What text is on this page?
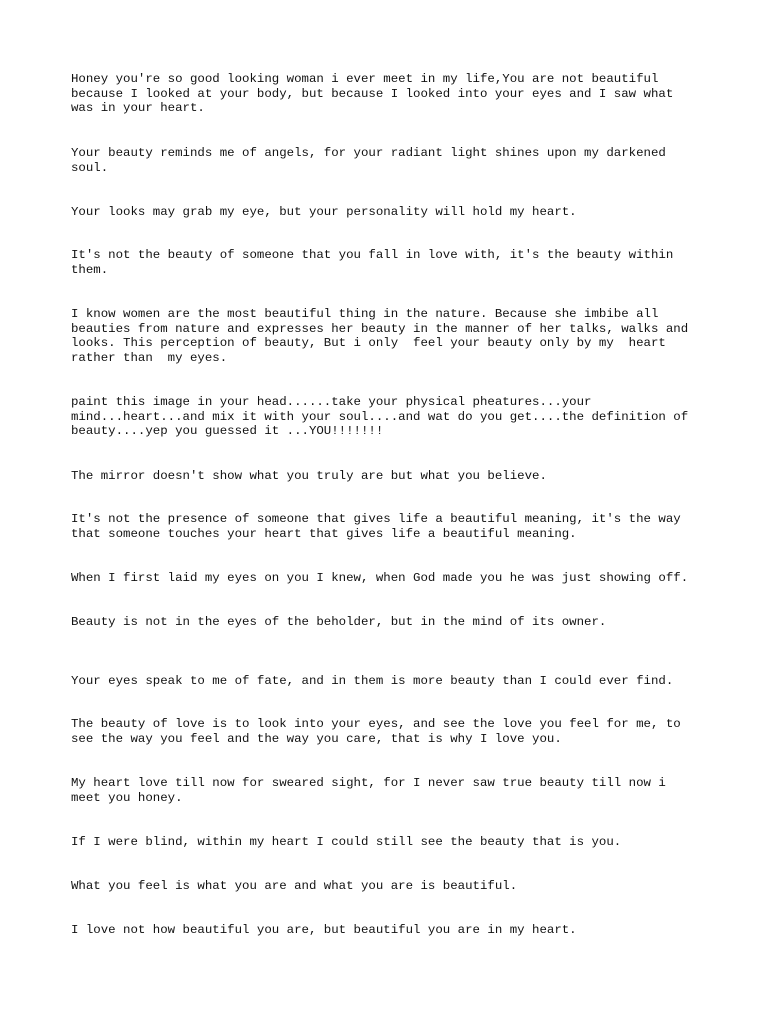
Honey you're so good looking woman i ever meet in my life,You are not beautiful
because I looked at your body, but because I looked into your eyes and I saw what
was in your heart.

Your beauty reminds me of angels, for your radiant light shines upon my darkened
soul.

Your looks may grab my eye, but your personality will hold my heart.

It's not the beauty of someone that you fall in love with, it's the beauty within
them.

I know women are the most beautiful thing in the nature. Because she imbibe all
beauties from nature and expresses her beauty in the manner of her talks, walks and
looks. This perception of beauty, But i only  feel your beauty only by my  heart
rather than  my eyes.

paint this image in your head......take your physical pheatures...your
mind...heart...and mix it with your soul....and wat do you get....the definition of
beauty....yep you guessed it ...YOU!!!!!!!

The mirror doesn't show what you truly are but what you believe.

It's not the presence of someone that gives life a beautiful meaning, it's the way
that someone touches your heart that gives life a beautiful meaning.

When I first laid my eyes on you I knew, when God made you he was just showing off.

Beauty is not in the eyes of the beholder, but in the mind of its owner.

Your eyes speak to me of fate, and in them is more beauty than I could ever find.

The beauty of love is to look into your eyes, and see the love you feel for me, to
see the way you feel and the way you care, that is why I love you.

My heart love till now for sweared sight, for I never saw true beauty till now i
meet you honey.

If I were blind, within my heart I could still see the beauty that is you.

What you feel is what you are and what you are is beautiful.

I love not how beautiful you are, but beautiful you are in my heart.
